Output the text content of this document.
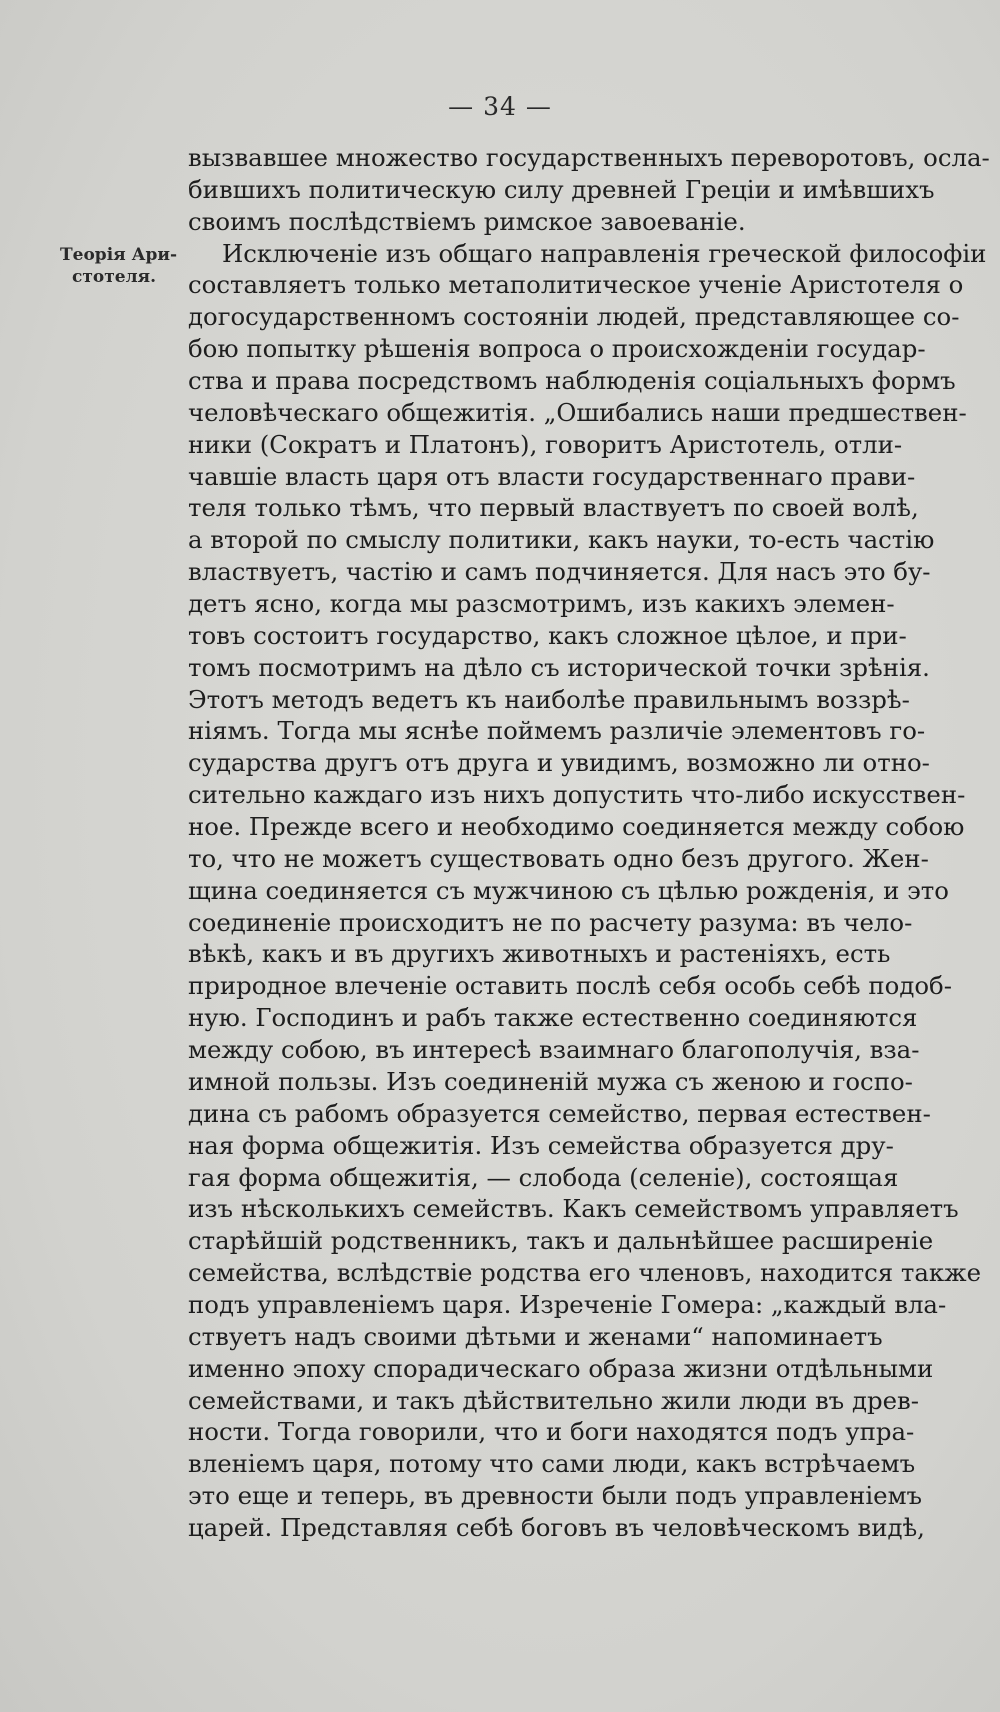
— 34 —
Теорія Ари-
стотеля.
вызвавшее множество государственныхъ переворотовъ, осла-
бившихъ политическую силу древней Греціи и имѣвшихъ
своимъ послѣдствіемъ римское завоеваніе.
Исключеніе изъ общаго направленія греческой философіи
составляетъ только метаполитическое ученіе Аристотеля о
догосударственномъ состояніи людей, представляющее со-
бою попытку рѣшенія вопроса о происхожденіи государ-
ства и права посредствомъ наблюденія соціальныхъ формъ
человѣческаго общежитія. „Ошибались наши предшествен-
ники (Сократъ и Платонъ), говоритъ Аристотель, отли-
чавшіе власть царя отъ власти государственнаго прави-
теля только тѣмъ, что первый властвуетъ по своей волѣ,
а второй по смыслу политики, какъ науки, то-есть частію
властвуетъ, частію и самъ подчиняется. Для насъ это бу-
детъ ясно, когда мы разсмотримъ, изъ какихъ элемен-
товъ состоитъ государство, какъ сложное цѣлое, и при-
томъ посмотримъ на дѣло съ исторической точки зрѣнія.
Этотъ методъ ведетъ къ наиболѣе правильнымъ воззрѣ-
ніямъ. Тогда мы яснѣе поймемъ различіе элементовъ го-
сударства другъ отъ друга и увидимъ, возможно ли отно-
сительно каждаго изъ нихъ допустить что-либо искусствен-
ное. Прежде всего и необходимо соединяется между собою
то, что не можетъ существовать одно безъ другого. Жен-
щина соединяется съ мужчиною съ цѣлью рожденія, и это
соединеніе происходитъ не по расчету разума: въ чело-
вѣкѣ, какъ и въ другихъ животныхъ и растеніяхъ, есть
природное влеченіе оставить послѣ себя особь себѣ подоб-
ную. Господинъ и рабъ также естественно соединяются
между собою, въ интересѣ взаимнаго благополучія, вза-
имной пользы. Изъ соединеній мужа съ женою и госпо-
дина съ рабомъ образуется семейство, первая естествен-
ная форма общежитія. Изъ семейства образуется дру-
гая форма общежитія, — слобода (селеніе), состоящая
изъ нѣсколькихъ семействъ. Какъ семействомъ управляетъ
старѣйшій родственникъ, такъ и дальнѣйшее расширеніе
семейства, вслѣдствіе родства его членовъ, находится также
подъ управленіемъ царя. Изреченіе Гомера: „каждый вла-
ствуетъ надъ своими дѣтьми и женами“ напоминаетъ
именно эпоху спорадическаго образа жизни отдѣльными
семействами, и такъ дѣйствительно жили люди въ древ-
ности. Тогда говорили, что и боги находятся подъ упра-
вленіемъ царя, потому что сами люди, какъ встрѣчаемъ
это еще и теперь, въ древности были подъ управленіемъ
царей. Представляя себѣ боговъ въ человѣческомъ видѣ,
